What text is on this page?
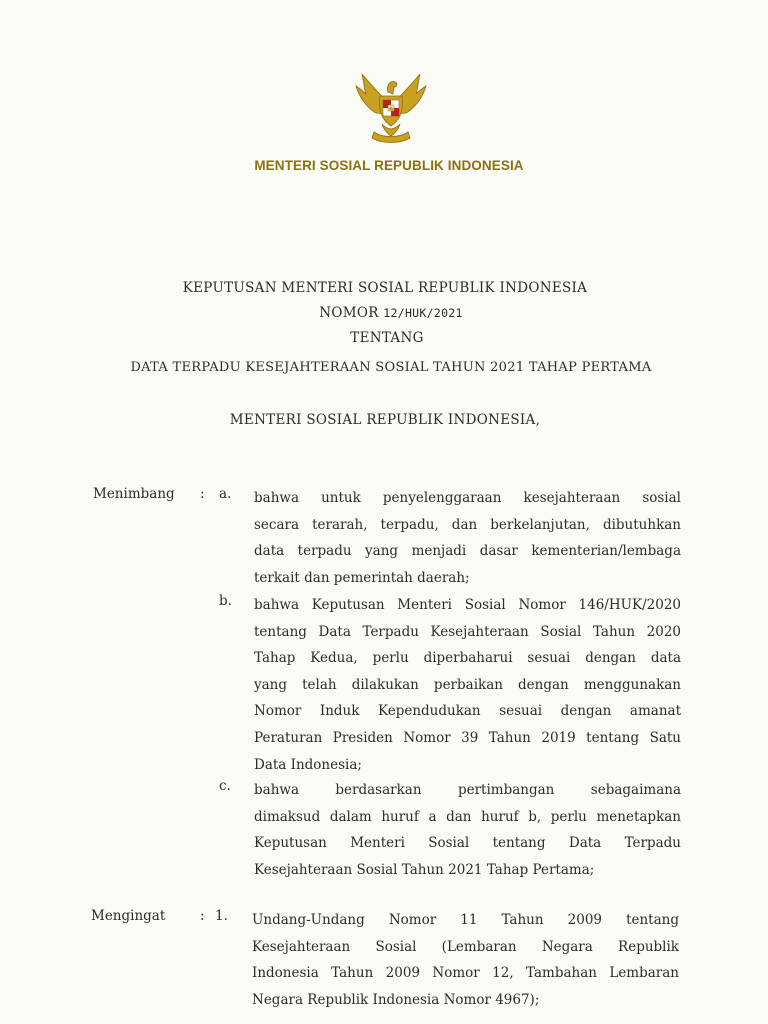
MENTERI SOSIAL REPUBLIK INDONESIA
KEPUTUSAN MENTERI SOSIAL REPUBLIK INDONESIA
NOMOR 12/HUK/2021
TENTANG
DATA TERPADU KESEJAHTERAAN SOSIAL TAHUN 2021 TAHAP PERTAMA
MENTERI SOSIAL REPUBLIK INDONESIA,
Menimbang : a. bahwa untuk penyelenggaraan kesejahteraan sosial
secara terarah, terpadu, dan berkelanjutan, dibutuhkan
data terpadu yang menjadi dasar kementerian/lembaga
terkait dan pemerintah daerah;
b. bahwa Keputusan Menteri Sosial Nomor 146/HUK/2020
tentang Data Terpadu Kesejahteraan Sosial Tahun 2020
Tahap Kedua, perlu diperbaharui sesuai dengan data
yang telah dilakukan perbaikan dengan menggunakan
Nomor Induk Kependudukan sesuai dengan amanat
Peraturan Presiden Nomor 39 Tahun 2019 tentang Satu
Data Indonesia;
c. bahwa berdasarkan pertimbangan sebagaimana
dimaksud dalam huruf a dan huruf b, perlu menetapkan
Keputusan Menteri Sosial tentang Data Terpadu
Kesejahteraan Sosial Tahun 2021 Tahap Pertama;
Mengingat	: 1. Undang-Undang Nomor 11 Tahun 2009 tentang
Kesejahteraan Sosial (Lembaran Negara Republik
Indonesia Tahun 2009 Nomor 12, Tambahan Lembaran
Negara Republik Indonesia Nomor 4967);
